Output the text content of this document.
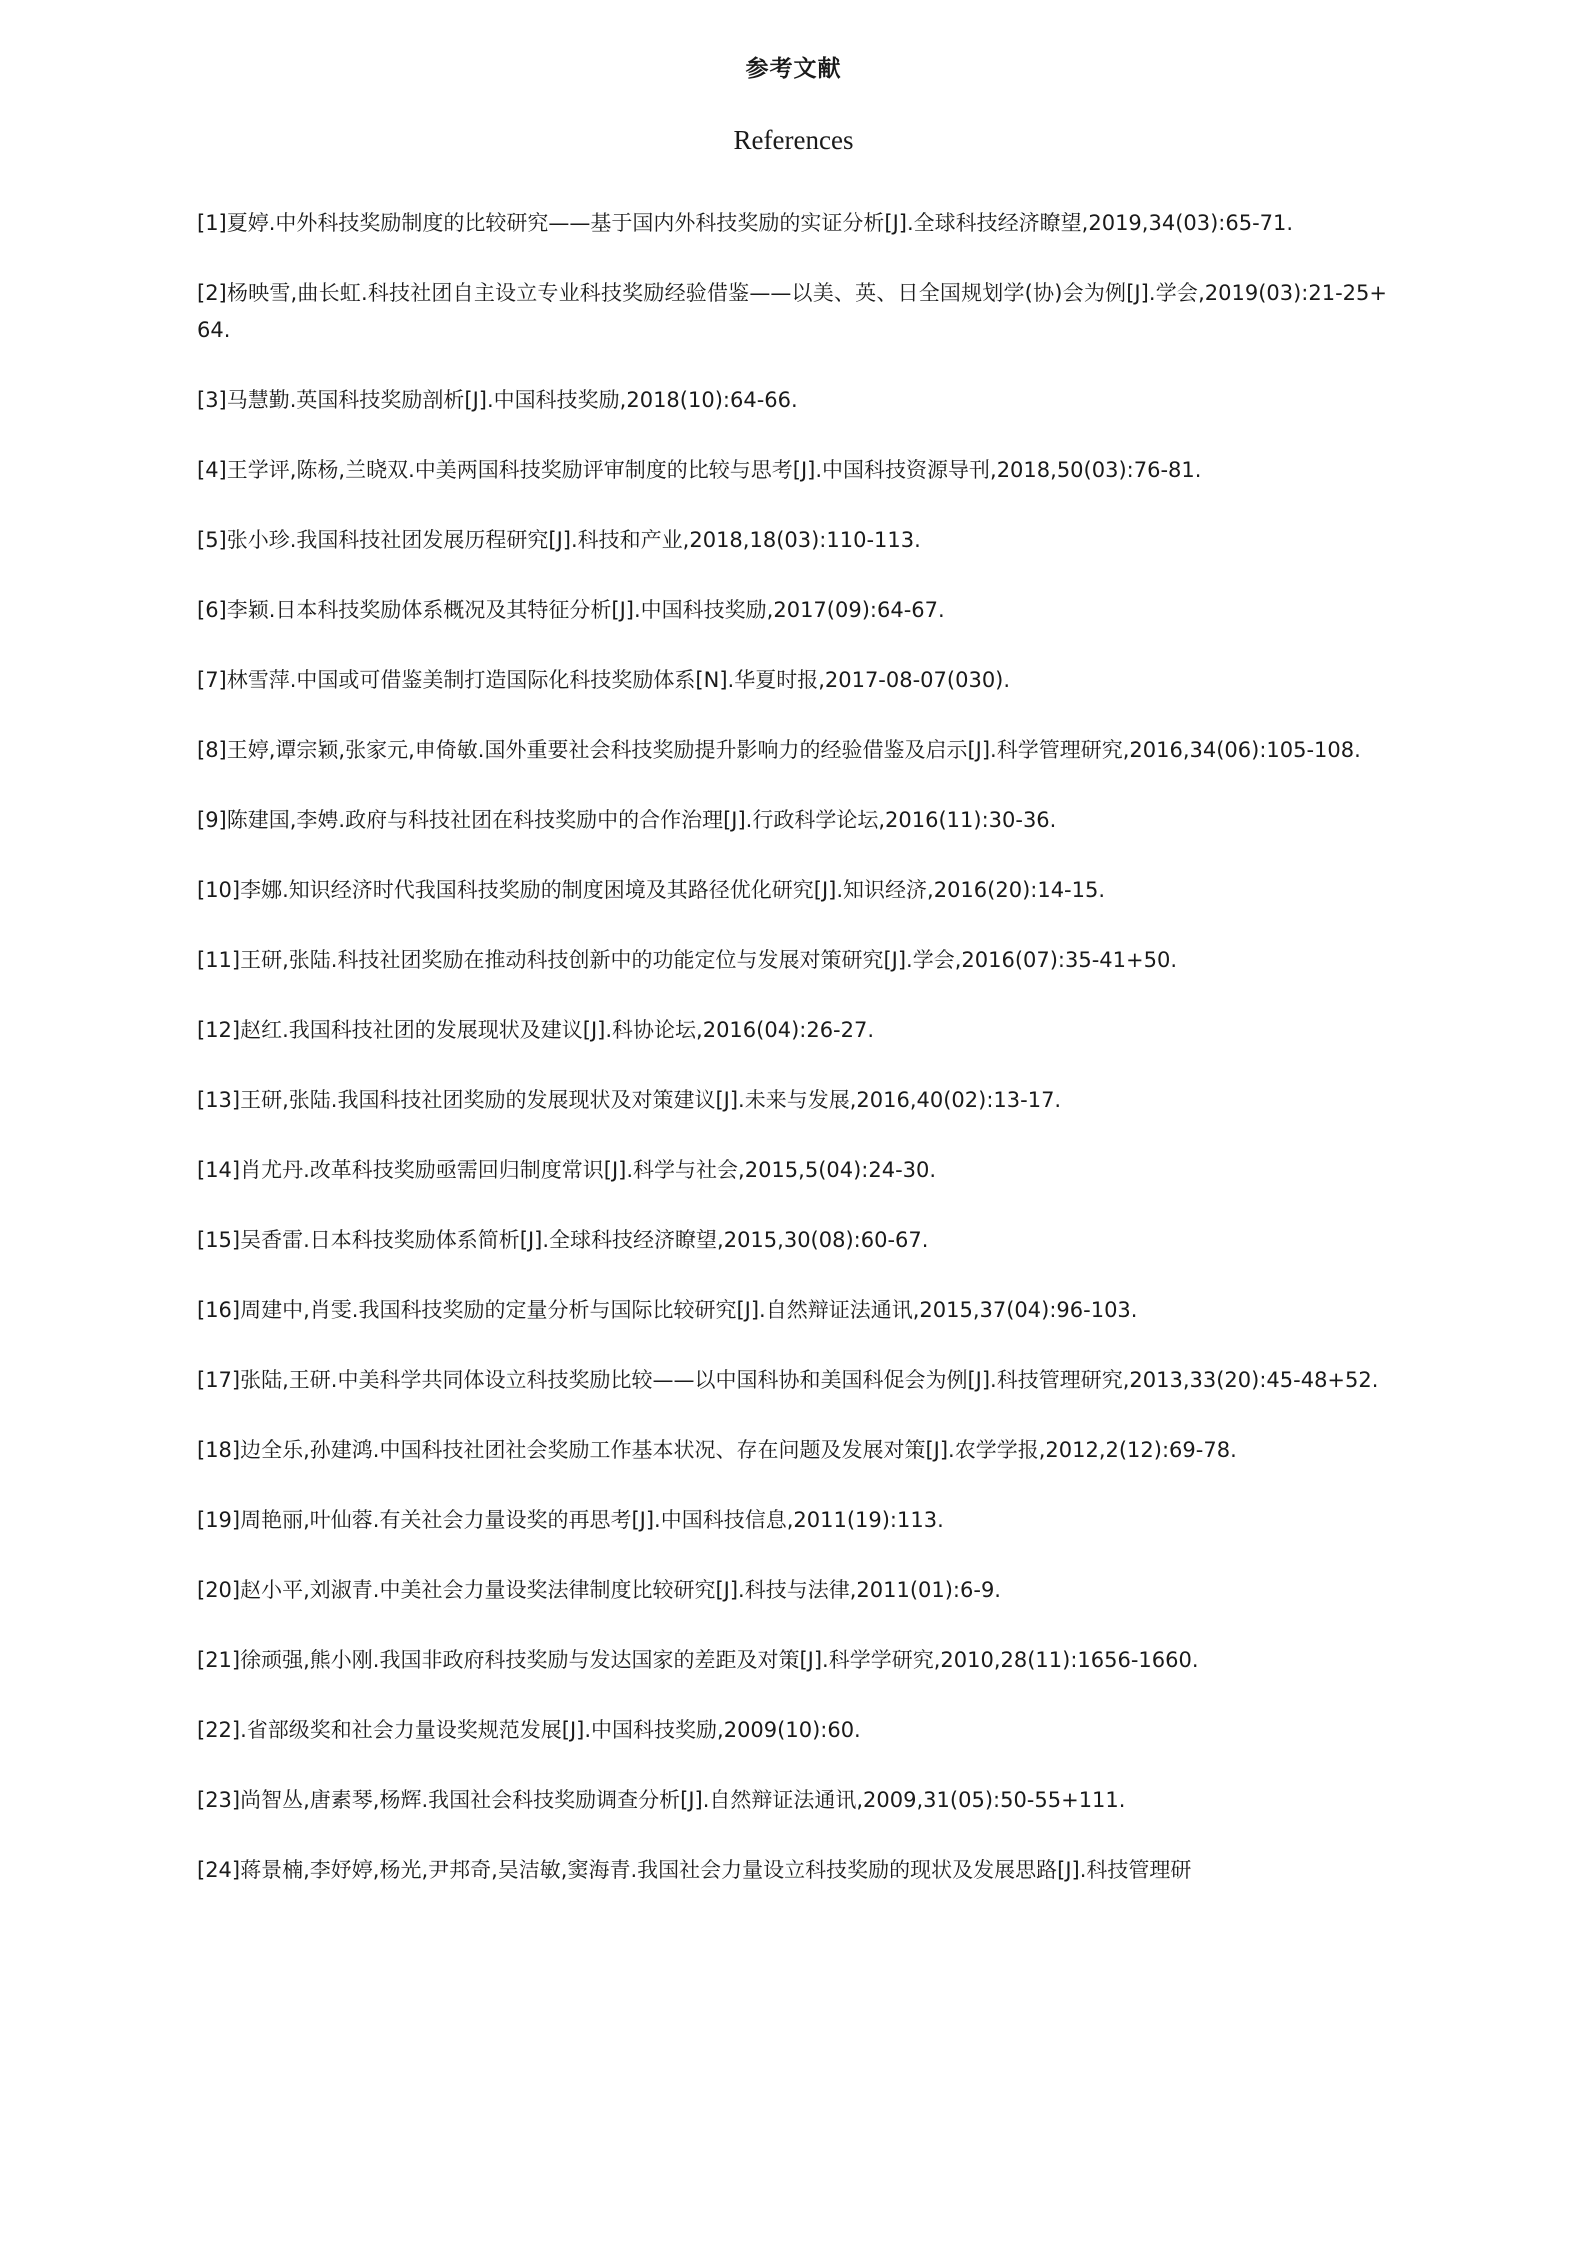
参考文献
References
[1]夏婷.中外科技奖励制度的比较研究——基于国内外科技奖励的实证分析[J].全球科技经济瞭望,2019,34(03):65-71.
[2]杨映雪,曲长虹.科技社团自主设立专业科技奖励经验借鉴——以美、英、日全国规划学(协)会为例[J].学会,2019(03):21-25+64.
[3]马慧勤.英国科技奖励剖析[J].中国科技奖励,2018(10):64-66.
[4]王学评,陈杨,兰晓双.中美两国科技奖励评审制度的比较与思考[J].中国科技资源导刊,2018,50(03):76-81.
[5]张小珍.我国科技社团发展历程研究[J].科技和产业,2018,18(03):110-113.
[6]李颖.日本科技奖励体系概况及其特征分析[J].中国科技奖励,2017(09):64-67.
[7]林雪萍.中国或可借鉴美制打造国际化科技奖励体系[N].华夏时报,2017-08-07(030).
[8]王婷,谭宗颖,张家元,申倚敏.国外重要社会科技奖励提升影响力的经验借鉴及启示[J].科学管理研究,2016,34(06):105-108.
[9]陈建国,李娉.政府与科技社团在科技奖励中的合作治理[J].行政科学论坛,2016(11):30-36.
[10]李娜.知识经济时代我国科技奖励的制度困境及其路径优化研究[J].知识经济,2016(20):14-15.
[11]王研,张陆.科技社团奖励在推动科技创新中的功能定位与发展对策研究[J].学会,2016(07):35-41+50.
[12]赵红.我国科技社团的发展现状及建议[J].科协论坛,2016(04):26-27.
[13]王研,张陆.我国科技社团奖励的发展现状及对策建议[J].未来与发展,2016,40(02):13-17.
[14]肖尤丹.改革科技奖励亟需回归制度常识[J].科学与社会,2015,5(04):24-30.
[15]吴香雷.日本科技奖励体系简析[J].全球科技经济瞭望,2015,30(08):60-67.
[16]周建中,肖雯.我国科技奖励的定量分析与国际比较研究[J].自然辩证法通讯,2015,37(04):96-103.
[17]张陆,王研.中美科学共同体设立科技奖励比较——以中国科协和美国科促会为例[J].科技管理研究,2013,33(20):45-48+52.
[18]边全乐,孙建鸿.中国科技社团社会奖励工作基本状况、存在问题及发展对策[J].农学学报,2012,2(12):69-78.
[19]周艳丽,叶仙蓉.有关社会力量设奖的再思考[J].中国科技信息,2011(19):113.
[20]赵小平,刘淑青.中美社会力量设奖法律制度比较研究[J].科技与法律,2011(01):6-9.
[21]徐顽强,熊小刚.我国非政府科技奖励与发达国家的差距及对策[J].科学学研究,2010,28(11):1656-1660.
[22].省部级奖和社会力量设奖规范发展[J].中国科技奖励,2009(10):60.
[23]尚智丛,唐素琴,杨辉.我国社会科技奖励调查分析[J].自然辩证法通讯,2009,31(05):50-55+111.
[24]蒋景楠,李妤婷,杨光,尹邦奇,吴洁敏,窦海青.我国社会力量设立科技奖励的现状及发展思路[J].科技管理研
